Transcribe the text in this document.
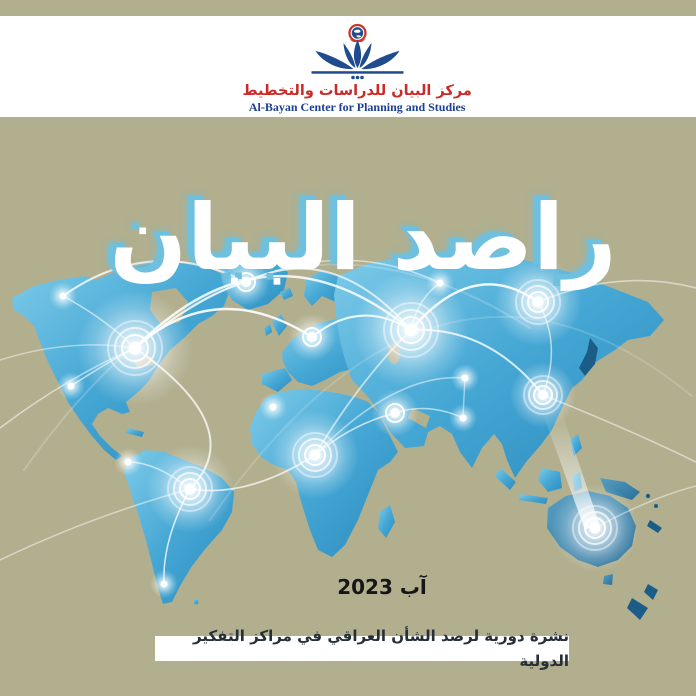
راصد البيان
مركز البيان للدراسات والتخطيط
Al-Bayan Center for Planning and Studies
آب 2023
نشرة دورية لرصد الشأن العراقي في مراكز التفكير الدولية
